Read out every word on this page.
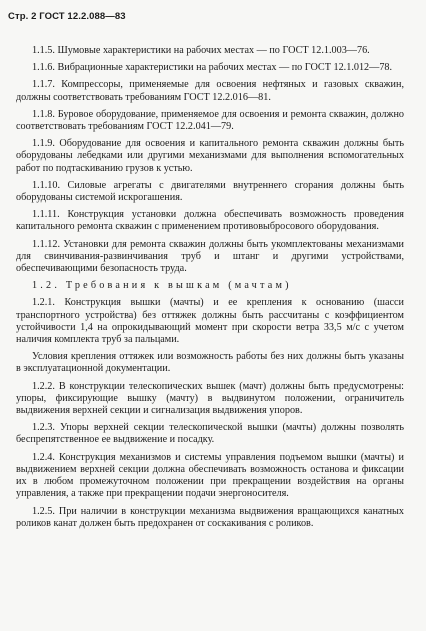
Стр. 2 ГОСТ 12.2.088—83

1.1.5. Шумовые характеристики на рабочих местах — по ГОСТ 12.1.003—76.

1.1.6. Вибрационные характеристики на рабочих местах — по ГОСТ 12.1.012—78.

1.1.7. Компрессоры, применяемые для освоения нефтяных и газовых скважин, должны соответствовать требованиям ГОСТ 12.2.016—81.

1.1.8. Буровое оборудование, применяемое для освоения и ремонта скважин, должно соответствовать требованиям ГОСТ 12.2.041—79.

1.1.9. Оборудование для освоения и капитального ремонта скважин должны быть оборудованы лебедками или другими механизмами для выполнения вспомогательных работ по подтаскиванию грузов к устью.

1.1.10. Силовые агрегаты с двигателями внутреннего сгорания должны быть оборудованы системой искрогашения.

1.1.11. Конструкция установки должна обеспечивать возможность проведения капитального ремонта скважин с применением противовыбросового оборудования.

1.1.12. Установки для ремонта скважин должны быть укомплектованы механизмами для свинчивания-развинчивания труб и штанг и другими устройствами, обеспечивающими безопасность труда.

1.2. Требования к вышкам (мачтам)

1.2.1. Конструкция вышки (мачты) и ее крепления к основанию (шасси транспортного устройства) без оттяжек должны быть рассчитаны с коэффициентом устойчивости 1,4 на опрокидывающий момент при скорости ветра 33,5 м/с с учетом наличия комплекта труб за пальцами.

Условия крепления оттяжек или возможность работы без них должны быть указаны в эксплуатационной документации.

1.2.2. В конструкции телескопических вышек (мачт) должны быть предусмотрены: упоры, фиксирующие вышку (мачту) в выдвинутом положении, ограничитель выдвижения верхней секции и сигнализация выдвижения упоров.

1.2.3. Упоры верхней секции телескопической вышки (мачты) должны позволять беспрепятственное ее выдвижение и посадку.

1.2.4. Конструкция механизмов и системы управления подъемом вышки (мачты) и выдвижением верхней секции должна обеспечивать возможность останова и фиксации их в любом промежуточном положении при прекращении воздействия на органы управления, а также при прекращении подачи энергоносителя.

1.2.5. При наличии в конструкции механизма выдвижения вращающихся канатных роликов канат должен быть предохранен от соскакивания с роликов.
